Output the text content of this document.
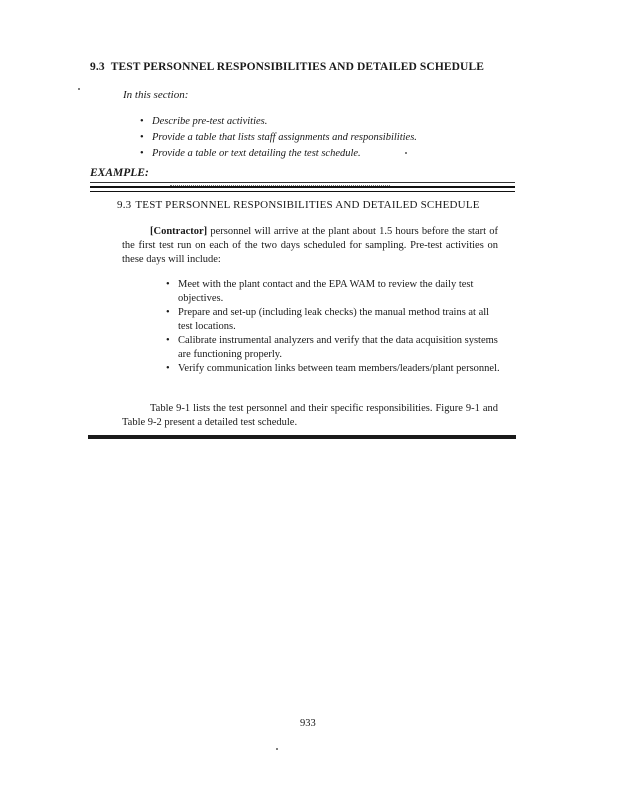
9.3 TEST PERSONNEL RESPONSIBILITIES AND DETAILED SCHEDULE
In this section:
• Describe pre-test activities.
• Provide a table that lists staff assignments and responsibilities.
• Provide a table or text detailing the test schedule.
EXAMPLE:
9.3 TEST PERSONNEL RESPONSIBILITIES AND DETAILED SCHEDULE

[Contractor] personnel will arrive at the plant about 1.5 hours before the start of the first test run on each of the two days scheduled for sampling. Pre-test activities on these days will include:

• Meet with the plant contact and the EPA WAM to review the daily test objectives.
• Prepare and set-up (including leak checks) the manual method trains at all test locations.
• Calibrate instrumental analyzers and verify that the data acquisition systems are functioning properly.
• Verify communication links between team members/leaders/plant personnel.

Table 9-1 lists the test personnel and their specific responsibilities. Figure 9-1 and Table 9-2 present a detailed test schedule.

933
